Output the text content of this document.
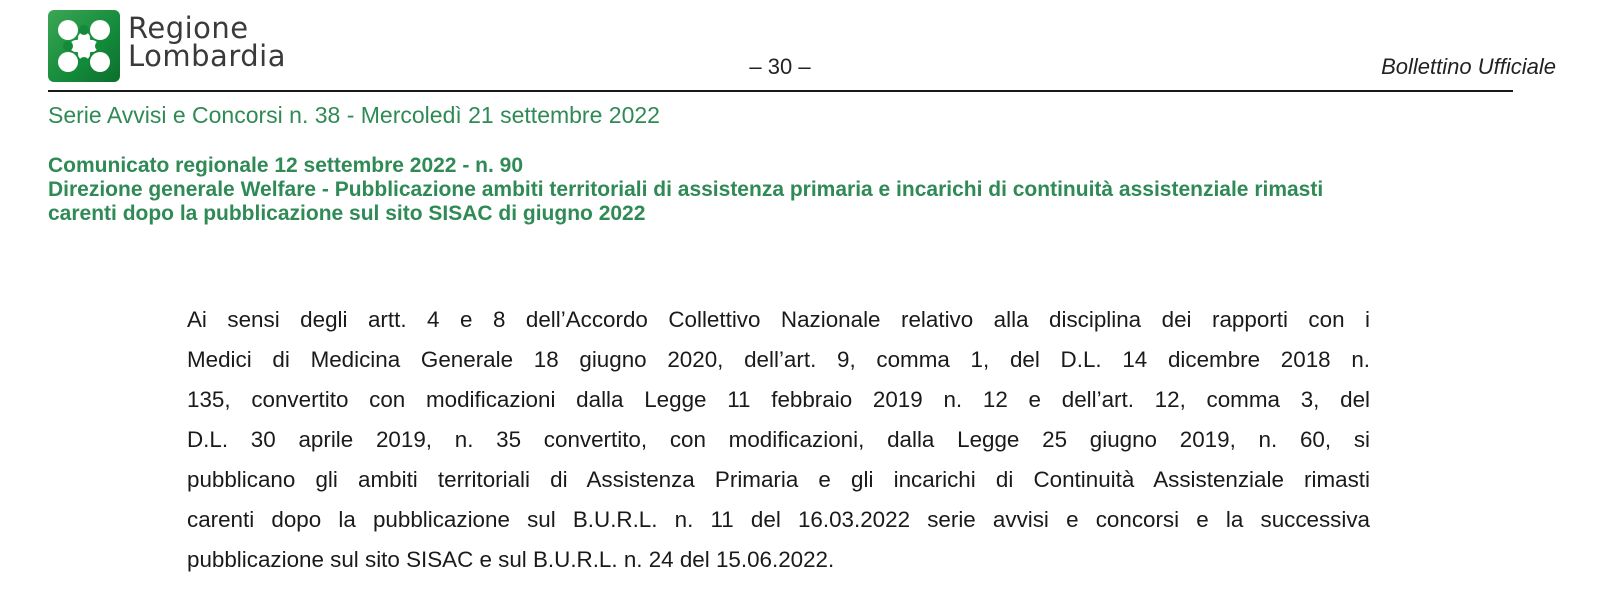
Regione
Lombardia	– 30 –	Bollettino Ufficiale
Serie Avvisi e Concorsi n. 38 - Mercoledì 21 settembre 2022
Comunicato regionale 12 settembre 2022 - n. 90
Direzione generale Welfare - Pubblicazione ambiti territoriali di assistenza primaria e incarichi di continuità assistenziale rimasti
carenti dopo la pubblicazione sul sito SISAC di giugno 2022
Ai sensi degli artt. 4 e 8 dell’Accordo Collettivo Nazionale relativo alla disciplina dei rapporti con i
Medici di Medicina Generale 18 giugno 2020, dell’art. 9, comma 1, del D.L. 14 dicembre 2018 n.
135, convertito con modificazioni dalla Legge 11 febbraio 2019 n. 12 e dell’art. 12, comma 3, del
D.L. 30 aprile 2019, n. 35 convertito, con modificazioni, dalla Legge 25 giugno 2019, n. 60, si
pubblicano gli ambiti territoriali di Assistenza Primaria e gli incarichi di Continuità Assistenziale rimasti
carenti dopo la pubblicazione sul B.U.R.L. n. 11 del 16.03.2022 serie avvisi e concorsi e la successiva
pubblicazione sul sito SISAC e sul B.U.R.L. n. 24 del 15.06.2022.
